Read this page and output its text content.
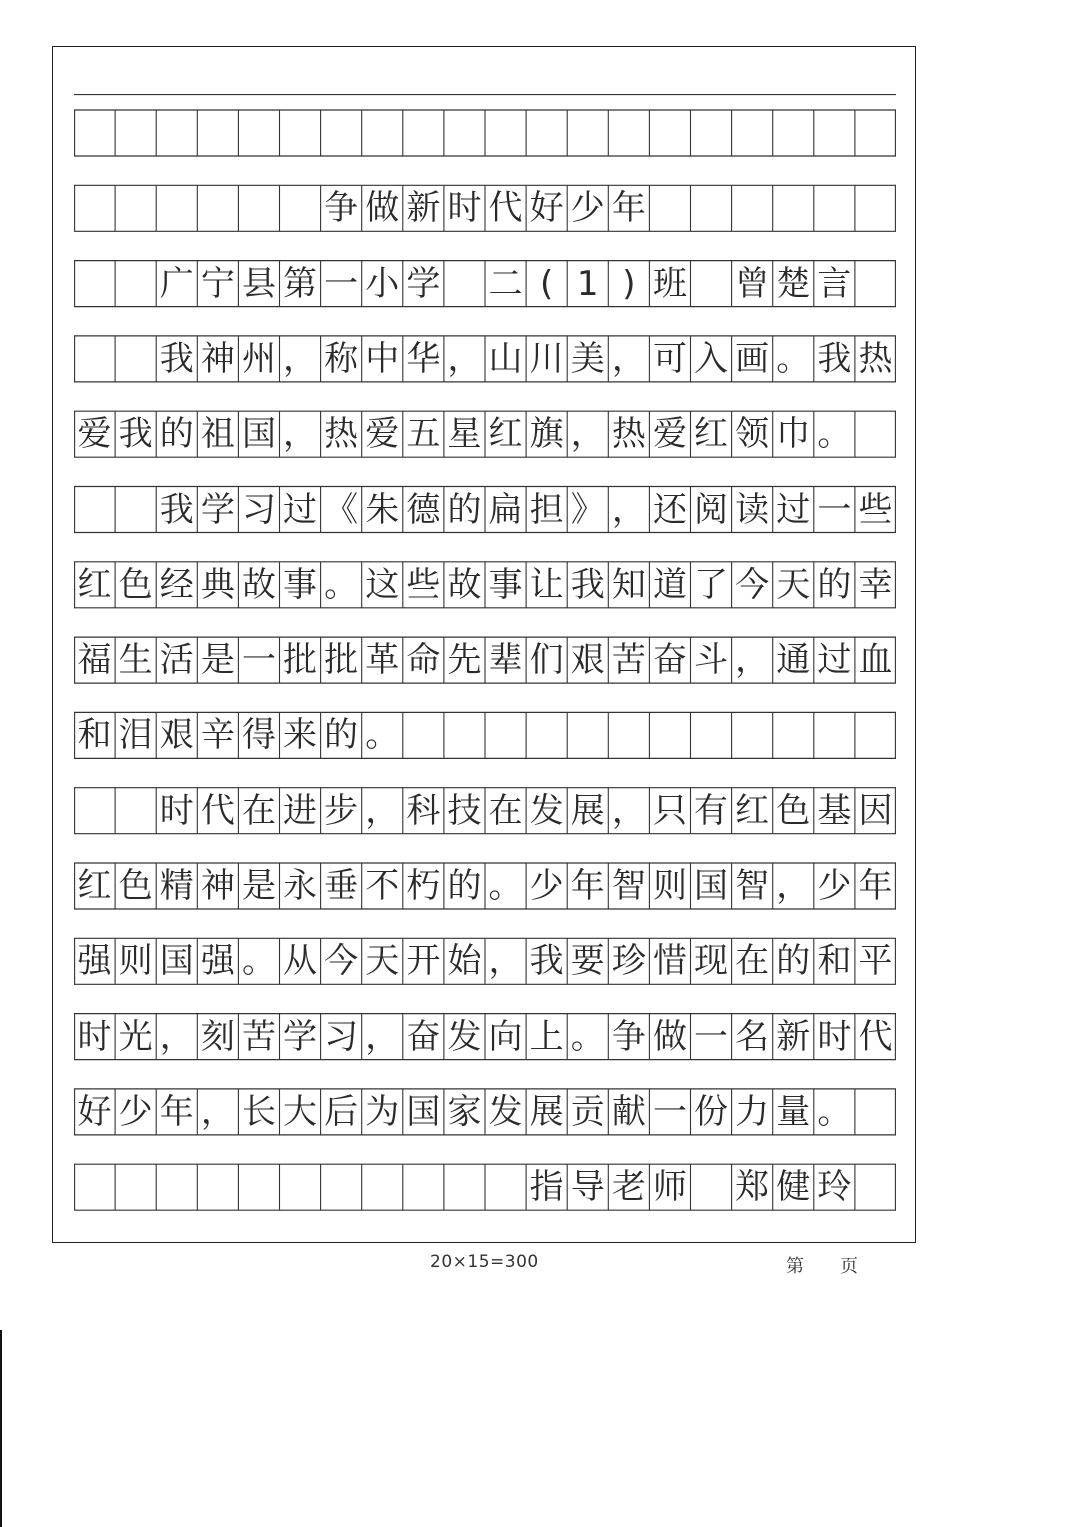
争 做 新 时 代 好 少 年
广 宁 县 第 一 小 学 二 ( 1 ) 班 曾 楚 言
我 神 州 ， 称 中 华 ， 山 川 美 ， 可 入 画 。 我 热
爱 我 的 祖 国 ， 热 爱 五 星 红 旗 ， 热 爱 红 领 巾 。
我 学 习 过 《 朱 德 的 扁 担 》 ， 还 阅 读 过 一 些
红 色 经 典 故 事 。 这 些 故 事 让 我 知 道 了 今 天 的 幸
福 生 活 是 一 批 批 革 命 先 辈 们 艰 苦 奋 斗 ， 通 过 血
和 泪 艰 辛 得 来 的 。
时 代 在 进 步 ， 科 技 在 发 展 ， 只 有 红 色 基 因
红 色 精 神 是 永 垂 不 朽 的 。 少 年 智 则 国 智 ， 少 年
强 则 国 强 。 从 今 天 开 始 ， 我 要 珍 惜 现 在 的 和 平
时 光 ， 刻 苦 学 习 ， 奋 发 向 上 。 争 做 一 名 新 时 代
好 少 年 ， 长 大 后 为 国 家 发 展 贡 献 一 份 力 量 。
指 导 老 师 郑 健 玲
20×15=300	第　　页
